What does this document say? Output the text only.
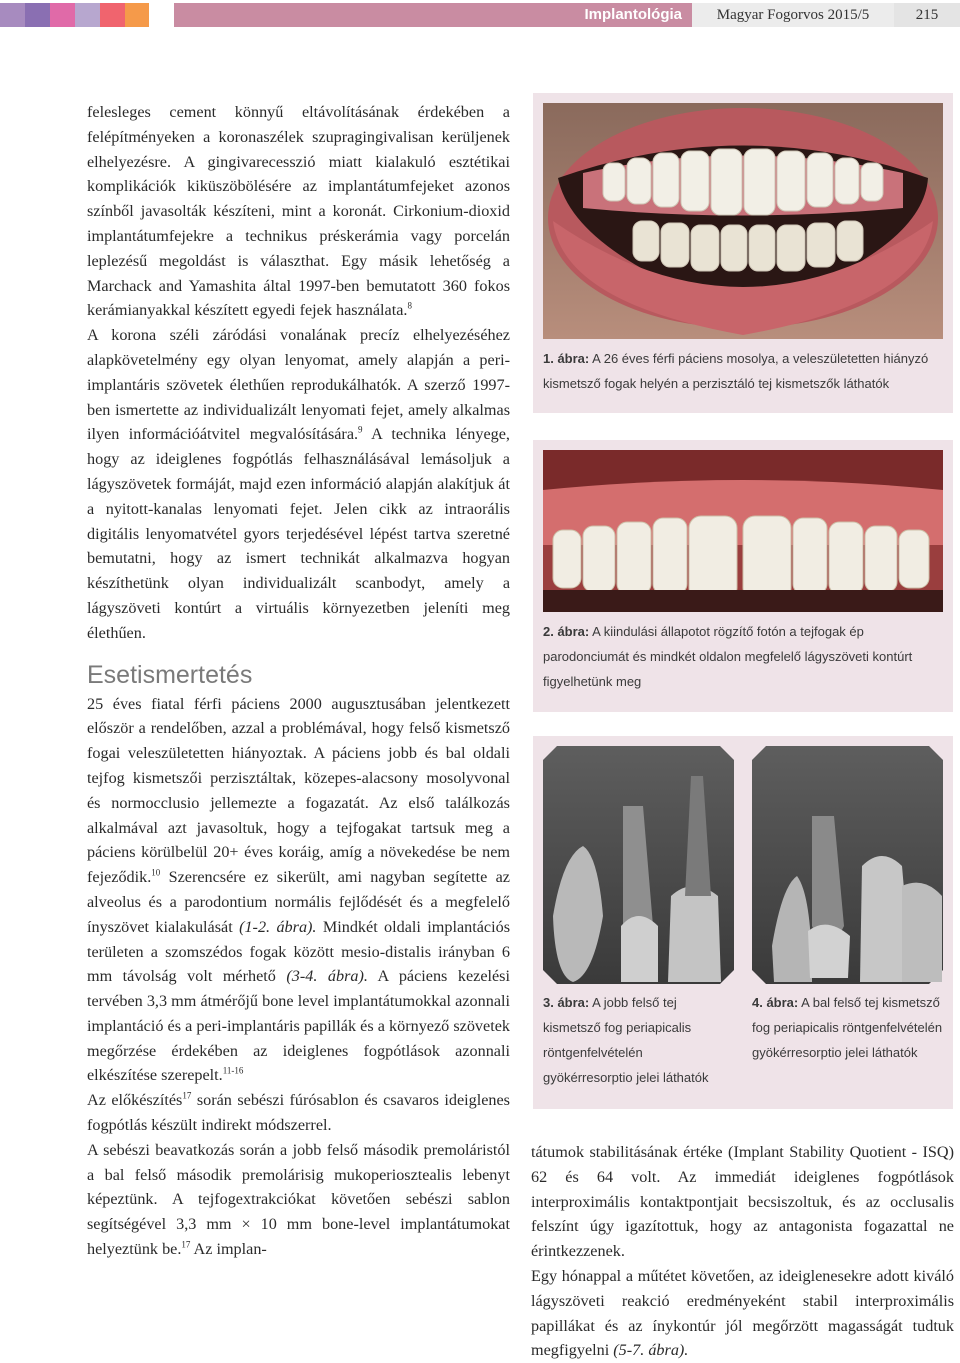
Implantológia	Magyar Fogorvos 2015/5	215

felesleges cement könnyű eltávolításának érdekében a felépítményeken a koronaszélek szupragingivalisan kerüljenek elhelyezésre. A gingivarecesszió miatt kialakuló esztétikai komplikációk kiküszöbölésére az implantátumfejeket azonos színből javasolták készíteni, mint a koronát. Cirkonium-dioxid implantátumfejekre a technikus préskerámia vagy porcelán leplezésű megoldást is választhat. Egy másik lehetőség a Marchack and Yamashita által 1997-ben bemutatott 360 fokos kerámianyakkal készített egyedi fejek használata.$^8$

A korona széli záródási vonalának precíz elhelyezéséhez alapkövetelmény egy olyan lenyomat, amely alapján a peri-implantáris szövetek élethűen reprodukálhatók. A szerző 1997-ben ismertette az individualizált lenyomati fejet, amely alkalmas ilyen információátvitel megvalósítására.$^9$ A technika lényege, hogy az ideiglenes fogpótlás felhasználásával lemásoljuk a lágyszövetek formáját, majd ezen információ alapján alakítjuk át a nyitott-kanalas lenyomati fejet. Jelen cikk az intraorális digitális lenyomatvétel gyors terjedésével lépést tartva szeretné bemutatni, hogy az ismert technikát alkalmazva hogyan készíthetünk olyan individualizált scanbodyt, amely a lágyszöveti kontúrt a virtuális környezetben jeleníti meg élethűen.

Esetismertetés

25 éves fiatal férfi páciens 2000 augusztusában jelentkezett először a rendelőben, azzal a problémával, hogy felső kismetsző fogai veleszületetten hiányoztak. A páciens jobb és bal oldali tejfog kismetszői perzisztáltak, közepes-alacsony mosolyvonal és normocclusio jellemezte a fogazatát. Az első találkozás alkalmával azt javasoltuk, hogy a tejfogakat tartsuk meg a páciens körülbelül 20+ éves koráig, amíg a növekedése be nem fejeződik.$^{10}$ Szerencsére ez sikerült, ami nagyban segítette az alveolus és a parodontium normális fejlődését és a megfelelő ínyszövet kialakulását (1-2. ábra). Mindkét oldali implantációs területen a szomszédos fogak között mesio-distalis irányban 6 mm távolság volt mérhető (3-4. ábra). A páciens kezelési tervében 3,3 mm átmérőjű bone level implantátumokkal azonnali implantáció és a peri-implantáris papillák és a környező szövetek megőrzése érdekében az ideiglenes fogpótlások azonnali elkészítése szerepelt.$^{11-16}$

Az előkészítés$^{17}$ során sebészi fúrósablon és csavaros ideiglenes fogpótlás készült indirekt módszerrel.

A sebészi beavatkozás során a jobb felső második premoláristól a bal felső második premolárisig mukoperiosztealis lebenyt képeztünk. A tejfogextrakciókat követően sebészi sablon segítségével 3,3 mm × 10 mm bone-level implantátumokat helyeztünk be.$^{17}$ Az implan-

1. ábra: A 26 éves férfi páciens mosolya, a veleszületetten hiányzó kismetsző fogak helyén a perzisztáló tej kismetszők láthatók
2. ábra: A kiindulási állapotot rögzítő fotón a tejfogak ép parodonciumát és mindkét oldalon megfelelő lágyszöveti kontúrt figyelhetünk meg
3. ábra: A jobb felső tej kismetsző fog periapicalis röntgenfelvételén gyökérresorptio jelei láthatók
4. ábra: A bal felső tej kismetsző fog periapicalis röntgenfelvételén gyökérresorptio jelei láthatók

tátumok stabilitásának értéke (Implant Stability Quotient - ISQ) 62 és 64 volt. Az immediát ideiglenes fogpótlások interproximális kontaktpontjait becsiszoltuk, és az occlusalis felszínt úgy igazítottuk, hogy az antagonista fogazattal ne érintkezzenek.

Egy hónappal a műtétet követően, az ideiglenesekre adott kiváló lágyszöveti reakció eredményeként stabil interproximális papillákat és az ínykontúr jól megőrzött magasságát tudtuk megfigyelni (5-7. ábra).
